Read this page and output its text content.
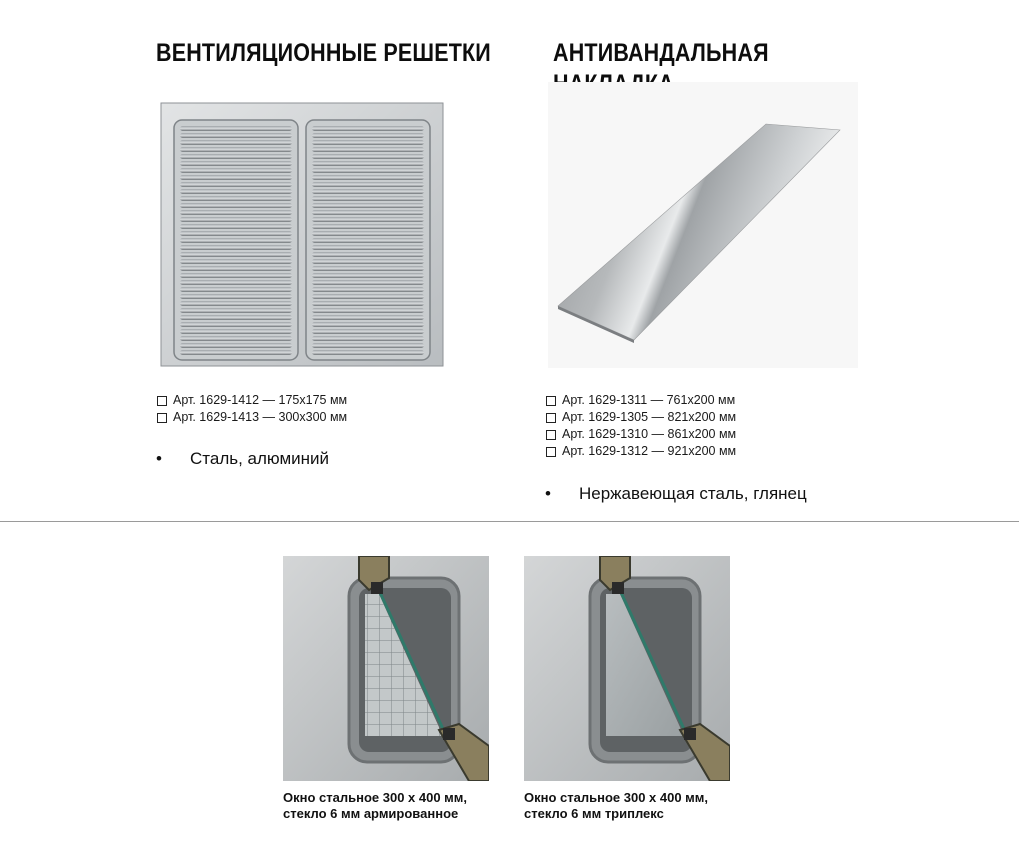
ВЕНТИЛЯЦИОННЫЕ РЕШЕТКИ
Арт. 1629-1412 — 175х175 мм
Арт. 1629-1413 — 300х300 мм
•	Сталь, алюминий
АНТИВАНДАЛЬНАЯ
Арт. 1629-1311 — 761х200 мм
Арт. 1629-1305 — 821х200 мм
Арт. 1629-1310 — 861х200 мм
Арт. 1629-1312 — 921х200 мм
•	Нержавеющая сталь, глянец
Окно стальное 300 х 400 мм,
стекло 6 мм армированное
Окно стальное 300 х 400 мм,
стекло 6 мм триплекс
